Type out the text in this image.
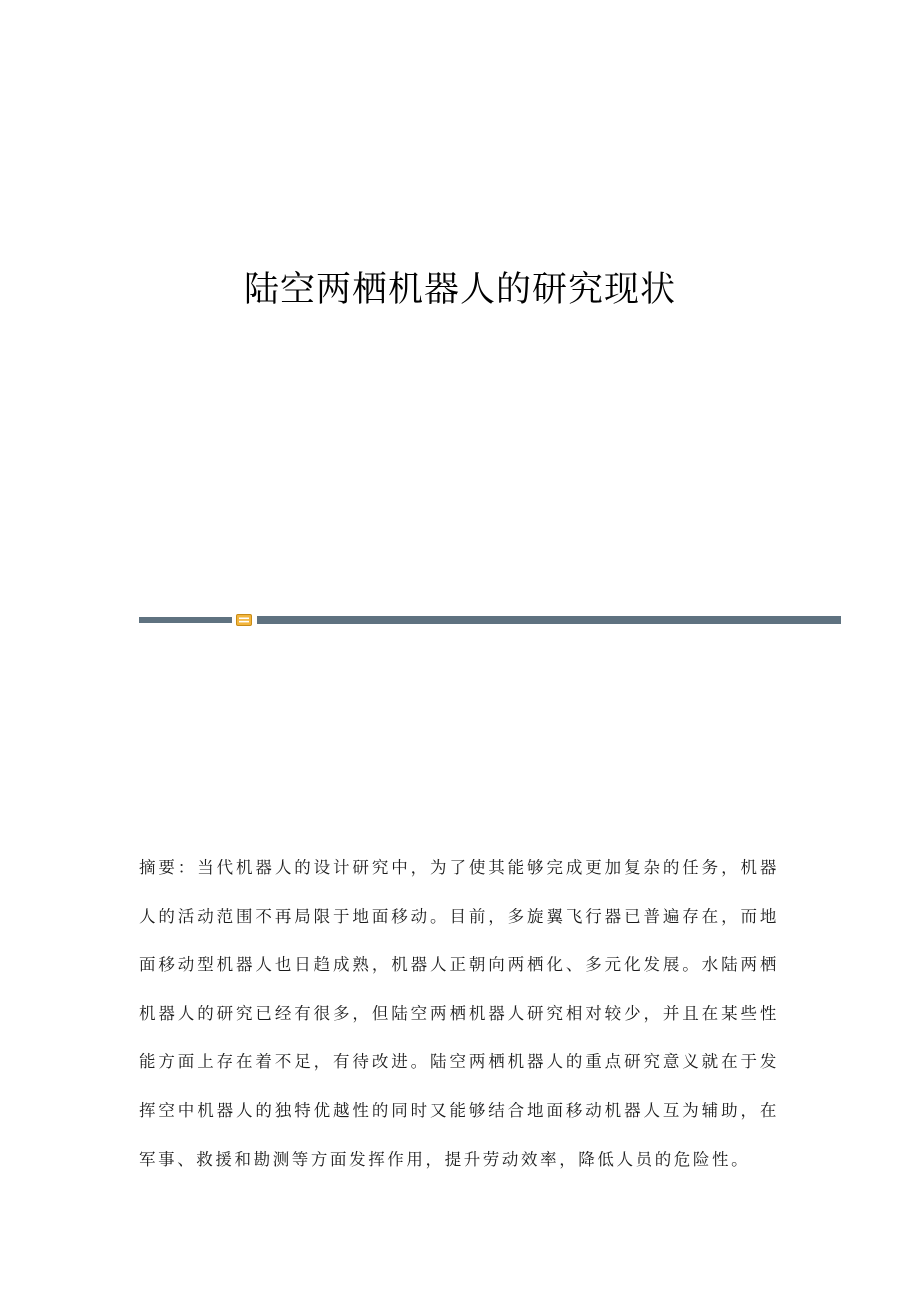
陆空两栖机器人的研究现状

摘要：当代机器人的设计研究中，为了使其能够完成更加复杂的任务，机器人的活动范围不再局限于地面移动。目前，多旋翼飞行器已普遍存在，而地面移动型机器人也日趋成熟，机器人正朝向两栖化、多元化发展。水陆两栖机器人的研究已经有很多，但陆空两栖机器人研究相对较少，并且在某些性能方面上存在着不足，有待改进。陆空两栖机器人的重点研究意义就在于发挥空中机器人的独特优越性的同时又能够结合地面移动机器人互为辅助，在军事、救援和勘测等方面发挥作用，提升劳动效率，降低人员的危险性。
